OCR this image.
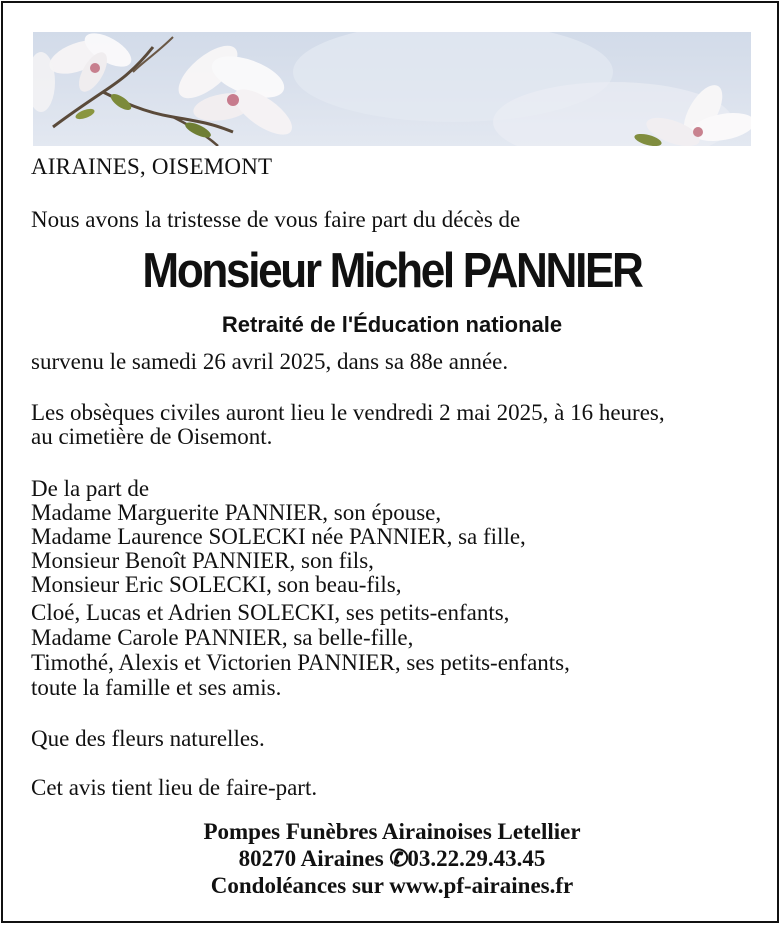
AIRAINES, OISEMONT
Nous avons la tristesse de vous faire part du décès de
Monsieur Michel PANNIER
Retraité de l'Éducation nationale
survenu le samedi 26 avril 2025, dans sa 88e année.
Les obsèques civiles auront lieu le vendredi 2 mai 2025, à 16 heures,
au cimetière de Oisemont.
De la part de
Madame Marguerite PANNIER, son épouse,
Madame Laurence SOLECKI née PANNIER, sa fille,
Monsieur Benoît PANNIER, son fils,
Monsieur Eric SOLECKI, son beau-fils,
Cloé, Lucas et Adrien SOLECKI, ses petits-enfants,
Madame Carole PANNIER, sa belle-fille,
Timothé, Alexis et Victorien PANNIER, ses petits-enfants,
toute la famille et ses amis.
Que des fleurs naturelles.
Cet avis tient lieu de faire-part.
Pompes Funèbres Airainoises Letellier
80270 Airaines ✆03.22.29.43.45
Condoléances sur www.pf-airaines.fr
